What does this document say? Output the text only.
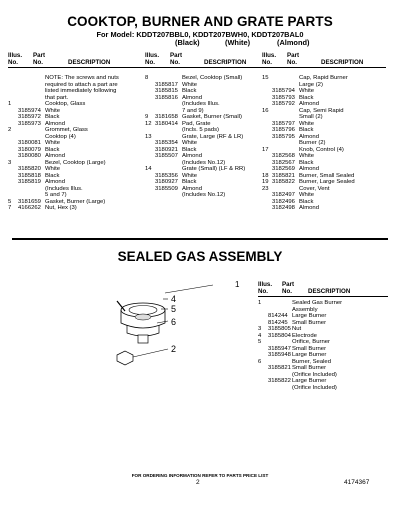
COOKTOP, BURNER AND GRATE PARTS
For Model: KDDT207BBL0, KDDT207BWH0, KDDT207BAL0
(Black)	(White)	(Almond)
Illus.
No.
Part
No.	DESCRIPTION
Illus.
No.
Part
No.	DESCRIPTION
Illus.
No.
Part
No.	DESCRIPTION
NOTE: The screws and nuts
required to attach a part are
listed immediately following
that part.
1	Cooktop, Glass
3185974 White
3185972 Black
3185973 Almond
2	Grommet, Glass
Cooktop (4)
3180081 White
3180079 Black
3180080 Almond
3	Bezel, Cooktop (Large)
3185820 White
3185818 Black
3185819 Almond
(Includes Illus.
5 and 7)
5	3181659 Gasket, Burner (Large)
7	4166262 Nut, Hex (3)
8	Bezel, Cooktop (Small)
3185817 White
3185815 Black
3185816 Almond
(Includes Illus.
7 and 9)
9	3181658 Gasket, Burner (Small)
12 3180414 Pad, Grate
(Incls. 5 pads)
13	Grate, Large (RF & LR)
3185354 White
3180921 Black
3185507 Almond
(Includes No.12)
14	Grate (Small) (LF & RR)
3185356 White
3180927 Black
3185509 Almond
(Includes No.12)
15	Cap, Rapid Burner
Large (2)
3185794 White
3185793 Black
3185792 Almond
16	Cap, Semi Rapid
Small (2)
3185797 White
3185796 Black
3185795 Almond
Burner (2)
17	Knob, Control (4)
3182568 White
3182567 Black
3182569 Almond
18 3185821 Burner, Small Sealed
19 3185822 Burner, Large Sealed
23	Cover, Vent
3182497 White
3182496 Black
3182498 Almond
SEALED GAS ASSEMBLY
Illus.
No.
Part
No.	DESCRIPTION
1	Sealed Gas Burner
Assembly
814244 Large Burner
814245 Small Burner
3	3185805 Nut
4	3185804 Electrode
5	Orifice, Burner
3185947 Small Burner
3185948 Large Burner
6	Burner, Sealed
3185821 Small Burner
(Orifice Included)
3185822 Large Burner
(Orifice Included)
1
4
5
6
2
FOR ORDERING INFORMATION REFER TO PARTS PRICE LIST
2	4174367
